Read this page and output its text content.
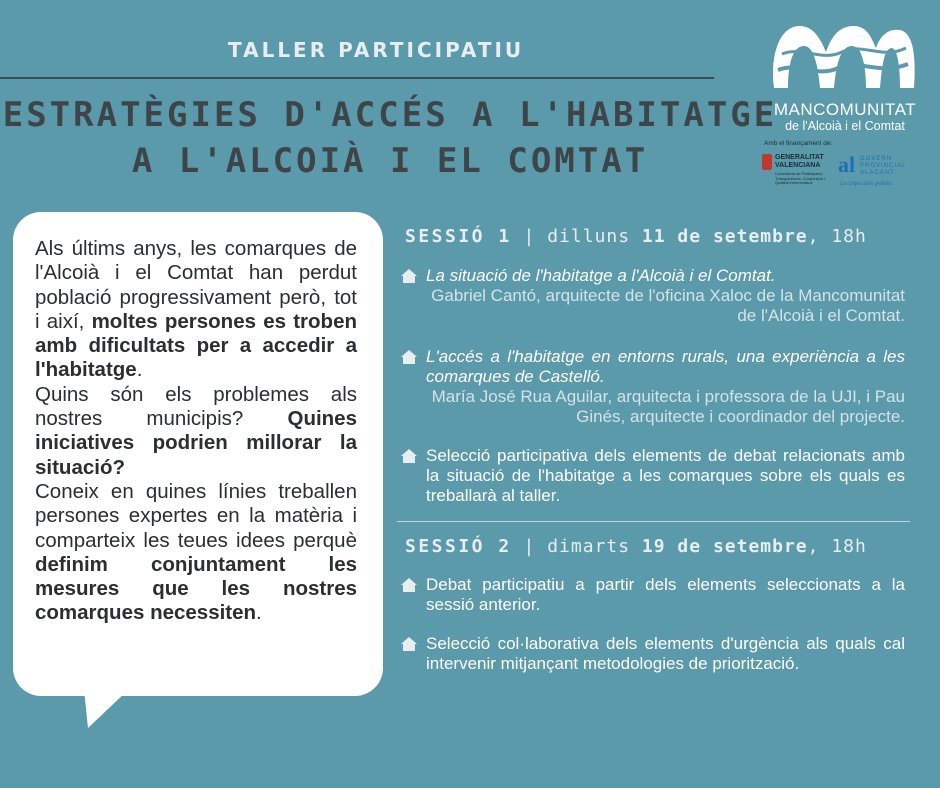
TALLER PARTICIPATIU
ESTRATÈGIES D'ACCÉS A L'HABITATGE
A L'ALCOIÀ I EL COMTAT
MANCOMUNITAT
de l'Alcoià i el Comtat
Amb el finançament de:
GENERALITAT VALENCIANA
Conselleria de Participació, Transparència, Cooperació i Qualitat Democràtica
al GOVERN PROVINCIAL ALACANT
La Dipu dels pobles
Als últims anys, les comarques de l'Alcoià i el Comtat han perdut població progressivament però, tot i així, moltes persones es troben amb dificultats per a accedir a l'habitatge.
Quins són els problemes als nostres municipis? Quines iniciatives podrien millorar la situació?
Coneix en quines línies treballen persones expertes en la matèria i comparteix les teues idees perquè definim conjuntament les mesures que les nostres comarques necessiten.
SESSIÓ 1 | dilluns 11 de setembre, 18h
La situació de l'habitatge a l'Alcoià i el Comtat.
Gabriel Cantó, arquitecte de l'oficina Xaloc de la Mancomunitat de l'Alcoià i el Comtat.
L'accés a l'habitatge en entorns rurals, una experiència a les comarques de Castelló.
María José Rua Aguilar, arquitecta i professora de la UJI, i Pau Ginés, arquitecte i coordinador del projecte.
Selecció participativa dels elements de debat relacionats amb la situació de l'habitatge a les comarques sobre els quals es treballarà al taller.
SESSIÓ 2 | dimarts 19 de setembre, 18h
Debat participatiu a partir dels elements seleccionats a la sessió anterior.
Selecció col·laborativa dels elements d'urgència als quals cal intervenir mitjançant metodologies de priorització.
